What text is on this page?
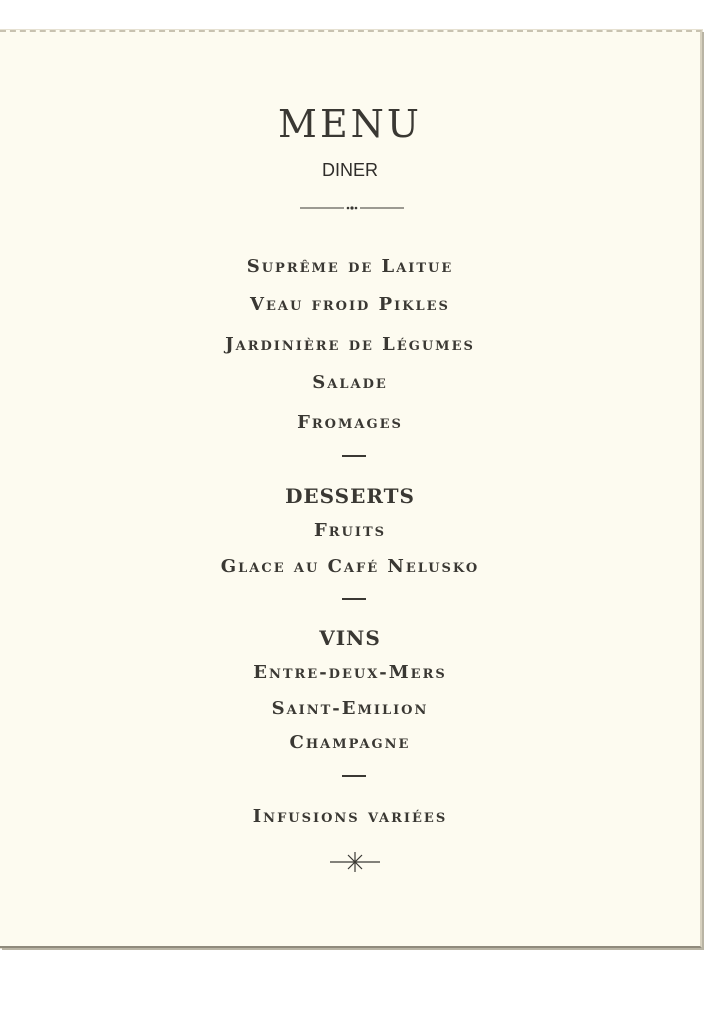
MENU
DINER
Suprême de Laitue
Veau froid Pikles
Jardinière de Légumes
Salade
Fromages
DESSERTS
Fruits
Glace au Café Nelusko
VINS
Entre-deux-Mers
Saint-Emilion
Champagne
Infusions variées
